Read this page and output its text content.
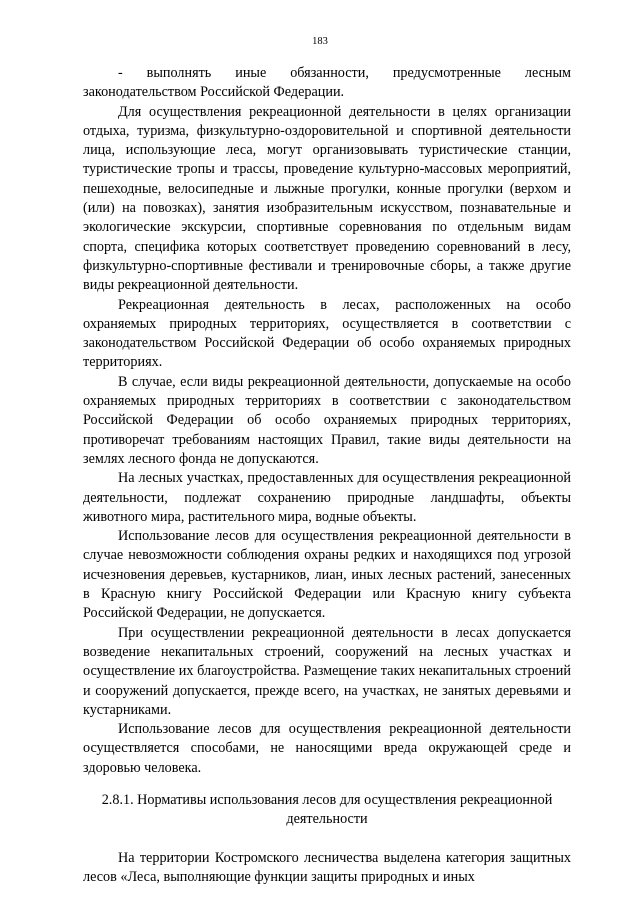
183

- выполнять иные обязанности, предусмотренные лесным законодательством Российской Федерации.

Для осуществления рекреационной деятельности в целях организации отдыха, туризма, физкультурно-оздоровительной и спортивной деятельности лица, использующие леса, могут организовывать туристические станции, туристические тропы и трассы, проведение культурно-массовых мероприятий, пешеходные, велосипедные и лыжные прогулки, конные прогулки (верхом и (или) на повозках), занятия изобразительным искусством, познавательные и экологические экскурсии, спортивные соревнования по отдельным видам спорта, специфика которых соответствует проведению соревнований в лесу, физкультурно-спортивные фестивали и тренировочные сборы, а также другие виды рекреационной деятельности.

Рекреационная деятельность в лесах, расположенных на особо охраняемых природных территориях, осуществляется в соответствии с законодательством Российской Федерации об особо охраняемых природных территориях.

В случае, если виды рекреационной деятельности, допускаемые на особо охраняемых природных территориях в соответствии с законодательством Российской Федерации об особо охраняемых природных территориях, противоречат требованиям настоящих Правил, такие виды деятельности на землях лесного фонда не допускаются.

На лесных участках, предоставленных для осуществления рекреационной деятельности, подлежат сохранению природные ландшафты, объекты животного мира, растительного мира, водные объекты.

Использование лесов для осуществления рекреационной деятельности в случае невозможности соблюдения охраны редких и находящихся под угрозой исчезновения деревьев, кустарников, лиан, иных лесных растений, занесенных в Красную книгу Российской Федерации или Красную книгу субъекта Российской Федерации, не допускается.

При осуществлении рекреационной деятельности в лесах допускается возведение некапитальных строений, сооружений на лесных участках и осуществление их благоустройства. Размещение таких некапитальных строений и сооружений допускается, прежде всего, на участках, не занятых деревьями и кустарниками.

Использование лесов для осуществления рекреационной деятельности осуществляется способами, не наносящими вреда окружающей среде и здоровью человека.

2.8.1. Нормативы использования лесов для осуществления рекреационной деятельности

На территории Костромского лесничества выделена категория защитных лесов «Леса, выполняющие функции защиты природных и иных
